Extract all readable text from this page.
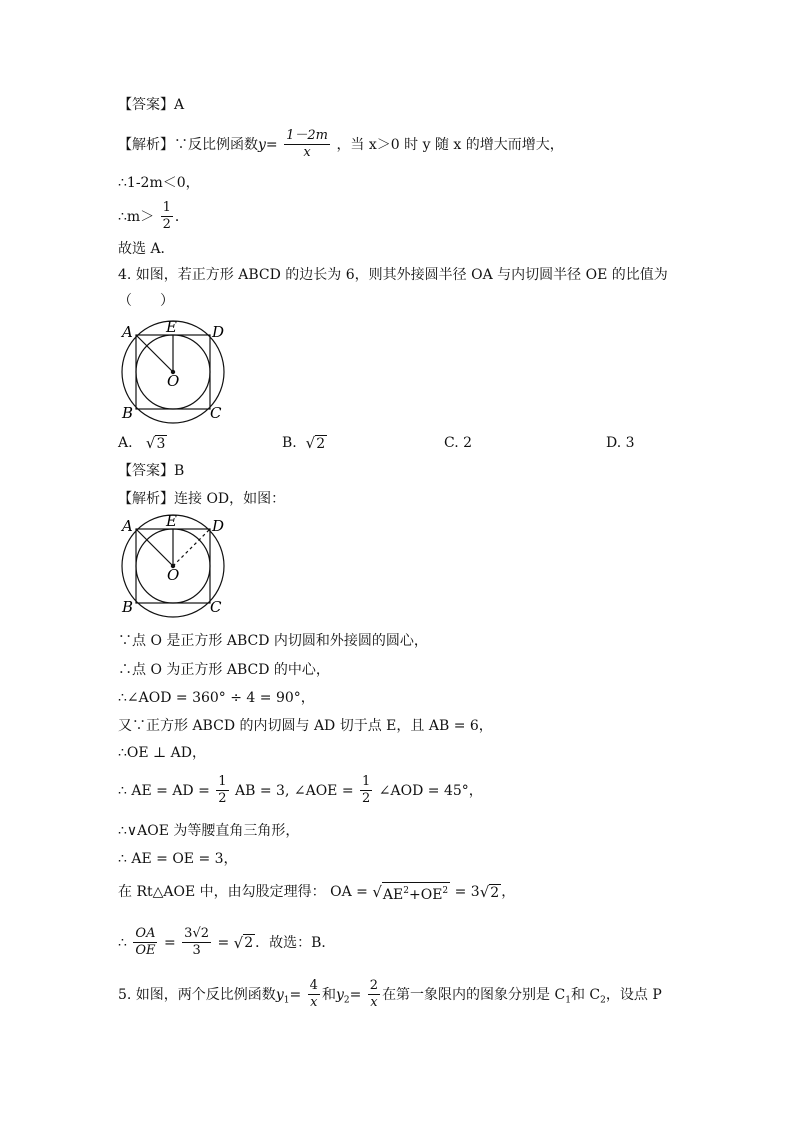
【答案】A
【解析】∵反比例函数$y= \frac{1-2m}{x}$ ，当 x＞0 时 y 随 x 的增大而增大，
∴1-2m＜0，
∴m＞ $\frac{1}{2}$ ．
故选 A．
4. 如图，若正方形 ABCD 的边长为 6，则其外接圆半径 OA 与内切圆半径 OE 的比值为
（　　）
A E D
O
B	C
A. √3	B. √2	C. 2	D. 3
【答案】B
【解析】连接 OD，如图：
A E D
O
B	C
∵点 O 是正方形 ABCD 内切圆和外接圆的圆心，
∴点 O 为正方形 ABCD 的中心，
∴∠AOD = 360° ÷ 4 = 90°，
又∵正方形 ABCD 的内切圆与 AD 切于点 E，且 AB = 6，
∴OE ⊥ AD，
∴ AE = AD = $\frac{1}{2}$ AB = 3, ∠AOE = $\frac{1}{2}$ ∠AOD = 45°，
∴∨AOE 为等腰直角三角形，
∴ AE = OE = 3，
在 Rt△AOE 中，由勾股定理得： OA = $√AE^2+OE^2 = 3√2$ ，
∴ $\frac{OA}{OE} = \frac{3√2}{3} = √2$ ．故选：B．
5. 如图，两个反比例函数$y_1= \frac{4}{x}$ 和$y_2= \frac{2}{x}$ 在第一象限内的图象分别是 $C_1$和 $C_2$，设点 P
